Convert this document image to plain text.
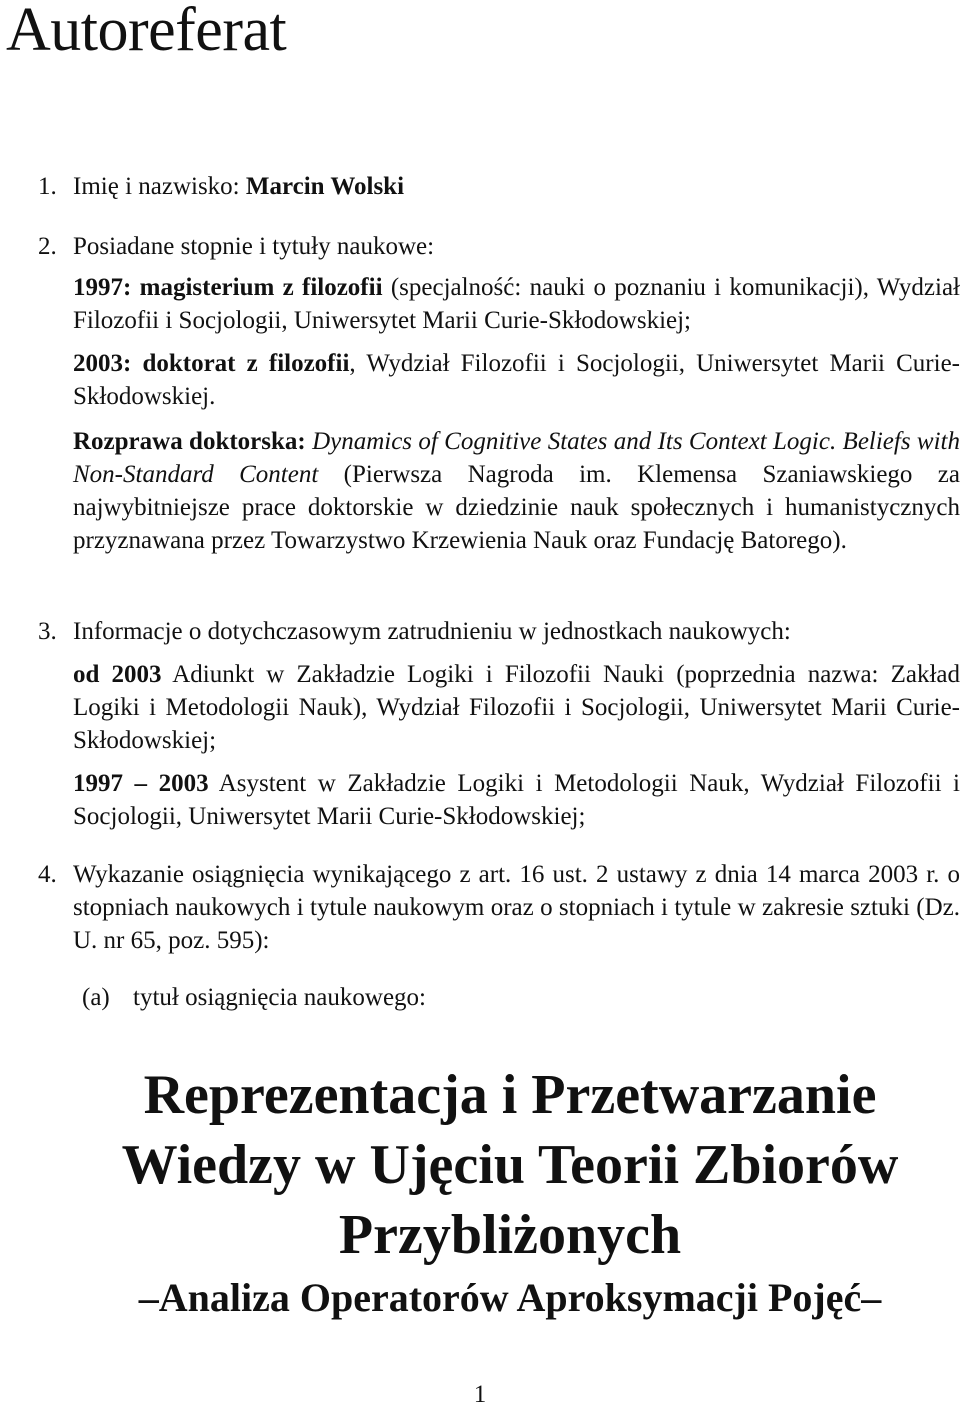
Autoreferat
1. Imię i nazwisko: Marcin Wolski
2. Posiadane stopnie i tytuły naukowe:
1997: magisterium z filozofii (specjalność: nauki o poznaniu i komunikacji), Wydział Filozofii i Socjologii, Uniwersytet Marii Curie-Skłodowskiej;
2003: doktorat z filozofii, Wydział Filozofii i Socjologii, Uniwersytet Marii Curie-Skłodowskiej.
Rozprawa doktorska: Dynamics of Cognitive States and Its Context Logic. Beliefs with Non-Standard Content (Pierwsza Nagroda im. Klemensa Szaniawskiego za najwybitniejsze prace doktorskie w dziedzinie nauk społecznych i humanistycznych przyznawana przez Towarzystwo Krzewienia Nauk oraz Fundację Batorego).
3. Informacje o dotychczasowym zatrudnieniu w jednostkach naukowych:
od 2003 Adiunkt w Zakładzie Logiki i Filozofii Nauki (poprzednia nazwa: Zakład Logiki i Metodologii Nauk), Wydział Filozofii i Socjologii, Uniwersytet Marii Curie-Skłodowskiej;
1997 – 2003 Asystent w Zakładzie Logiki i Metodologii Nauk, Wydział Filozofii i Socjologii, Uniwersytet Marii Curie-Skłodowskiej;
4. Wykazanie osiągnięcia wynikającego z art. 16 ust. 2 ustawy z dnia 14 marca 2003 r. o stopniach naukowych i tytule naukowym oraz o stopniach i tytule w zakresie sztuki (Dz. U. nr 65, poz. 595):
(a) tytuł osiągnięcia naukowego:
Reprezentacja i Przetwarzanie
Wiedzy w Ujęciu Teorii Zbiorów
Przybliżonych
–Analiza Operatorów Aproksymacji Pojęć–
1
